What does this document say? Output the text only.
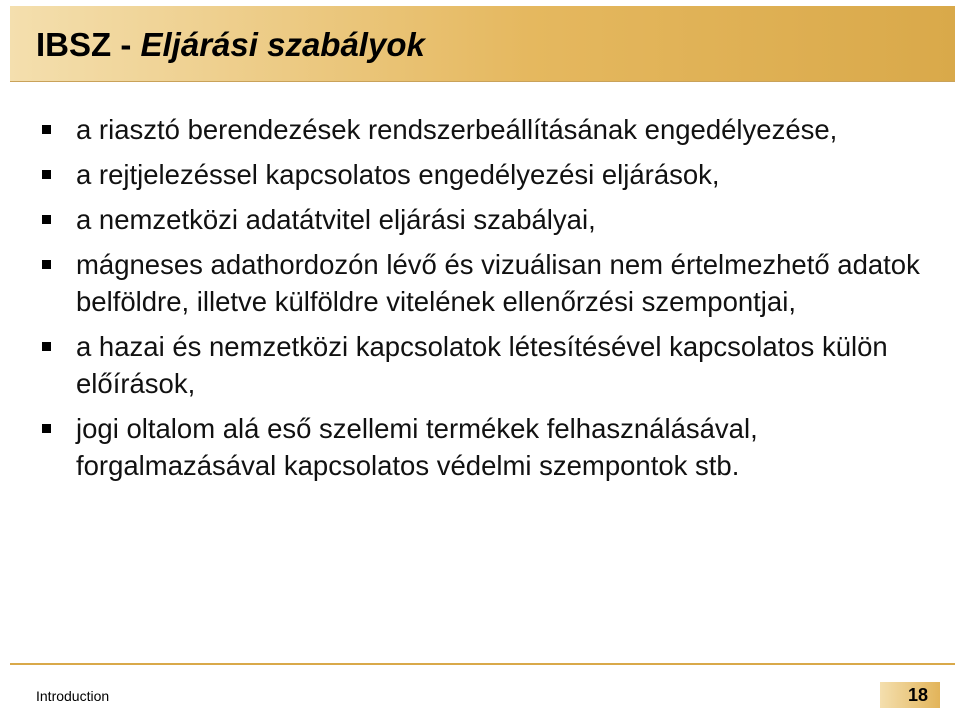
IBSZ - Eljárási szabályok
a riasztó berendezések rendszerbeállításának engedélyezése,
a rejtjelezéssel kapcsolatos engedélyezési eljárások,
a nemzetközi adatátvitel eljárási szabályai,
mágneses adathordozón lévő és vizuálisan nem értelmezhető adatok belföldre, illetve külföldre vitelének ellenőrzési szempontjai,
a hazai és nemzetközi kapcsolatok létesítésével kapcsolatos külön előírások,
jogi oltalom alá eső szellemi termékek felhasználásával, forgalmazásával kapcsolatos védelmi szempontok stb.
Introduction	18
